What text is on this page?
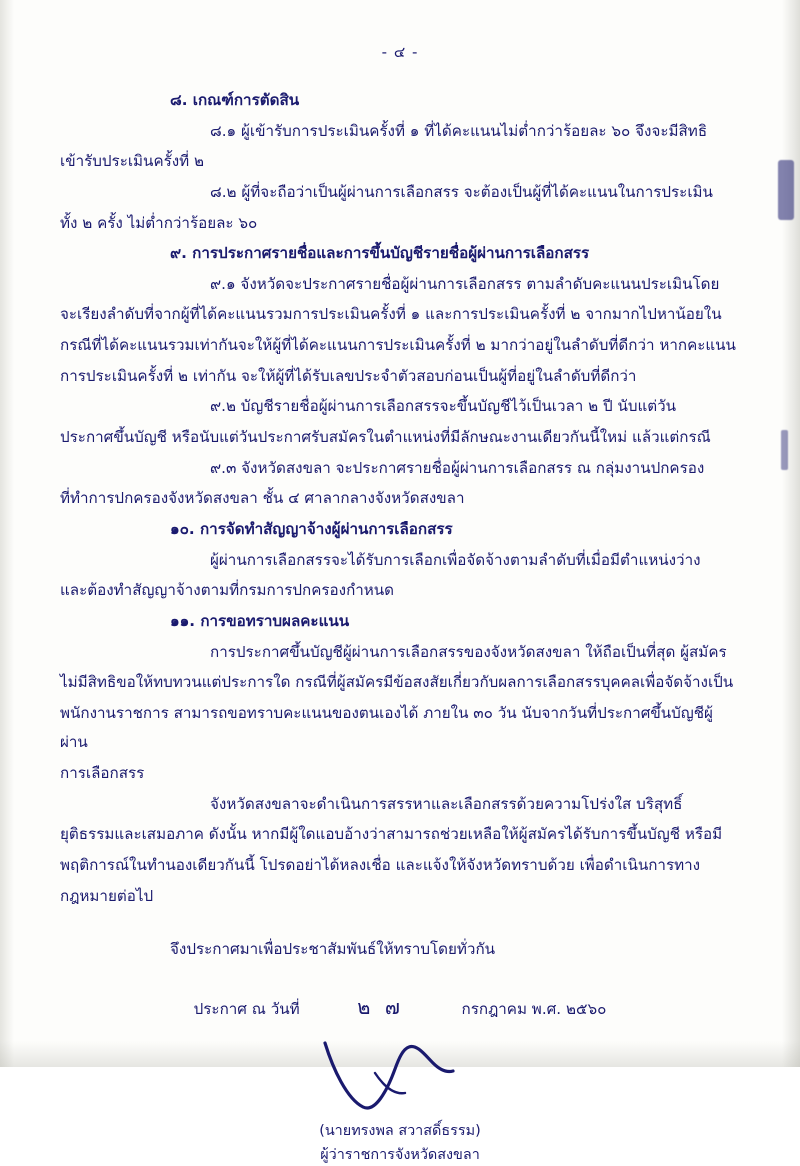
- ๔ -

๘. เกณฑ์การตัดสิน

๘.๑ ผู้เข้ารับการประเมินครั้งที่ ๑ ที่ได้คะแนนไม่ต่ำกว่าร้อยละ ๖๐ จึงจะมีสิทธิ

เข้ารับประเมินครั้งที่ ๒

๘.๒ ผู้ที่จะถือว่าเป็นผู้ผ่านการเลือกสรร จะต้องเป็นผู้ที่ได้คะแนนในการประเมิน

ทั้ง ๒ ครั้ง ไม่ต่ำกว่าร้อยละ ๖๐

๙. การประกาศรายชื่อและการขึ้นบัญชีรายชื่อผู้ผ่านการเลือกสรร

๙.๑ จังหวัดจะประกาศรายชื่อผู้ผ่านการเลือกสรร ตามลำดับคะแนนประเมินโดย

จะเรียงลำดับที่จากผู้ที่ได้คะแนนรวมการประเมินครั้งที่ ๑ และการประเมินครั้งที่ ๒ จากมากไปหาน้อยใน

กรณีที่ได้คะแนนรวมเท่ากันจะให้ผู้ที่ได้คะแนนการประเมินครั้งที่ ๒ มากว่าอยู่ในลำดับที่ดีกว่า หากคะแนน

การประเมินครั้งที่ ๒ เท่ากัน จะให้ผู้ที่ได้รับเลขประจำตัวสอบก่อนเป็นผู้ที่อยู่ในลำดับที่ดีกว่า

๙.๒ บัญชีรายชื่อผู้ผ่านการเลือกสรรจะขึ้นบัญชีไว้เป็นเวลา ๒ ปี นับแต่วัน

ประกาศขึ้นบัญชี หรือนับแต่วันประกาศรับสมัครในตำแหน่งที่มีลักษณะงานเดียวกันนี้ใหม่ แล้วแต่กรณี

๙.๓ จังหวัดสงขลา จะประกาศรายชื่อผู้ผ่านการเลือกสรร ณ กลุ่มงานปกครอง

ที่ทำการปกครองจังหวัดสงขลา ชั้น ๔ ศาลากลางจังหวัดสงขลา

๑๐. การจัดทำสัญญาจ้างผู้ผ่านการเลือกสรร

ผู้ผ่านการเลือกสรรจะได้รับการเลือกเพื่อจัดจ้างตามลำดับที่เมื่อมีตำแหน่งว่าง

และต้องทำสัญญาจ้างตามที่กรมการปกครองกำหนด

๑๑. การขอทราบผลคะแนน

การประกาศขึ้นบัญชีผู้ผ่านการเลือกสรรของจังหวัดสงขลา ให้ถือเป็นที่สุด ผู้สมัคร

ไม่มีสิทธิขอให้ทบทวนแต่ประการใด กรณีที่ผู้สมัครมีข้อสงสัยเกี่ยวกับผลการเลือกสรรบุคคลเพื่อจัดจ้างเป็น

พนักงานราชการ สามารถขอทราบคะแนนของตนเองได้ ภายใน ๓๐ วัน นับจากวันที่ประกาศขึ้นบัญชีผู้ผ่าน

การเลือกสรร

จังหวัดสงขลาจะดำเนินการสรรหาและเลือกสรรด้วยความโปร่งใส บริสุทธิ์

ยุติธรรมและเสมอภาค ดังนั้น หากมีผู้ใดแอบอ้างว่าสามารถช่วยเหลือให้ผู้สมัครได้รับการขึ้นบัญชี หรือมี

พฤติการณ์ในทำนองเดียวกันนี้ โปรดอย่าได้หลงเชื่อ และแจ้งให้จังหวัดทราบด้วย เพื่อดำเนินการทาง

กฎหมายต่อไป

จึงประกาศมาเพื่อประชาสัมพันธ์ให้ทราบโดยทั่วกัน

ประกาศ ณ วันที่	๒ ๗	กรกฎาคม พ.ศ. ๒๕๖๐
(นายทรงพล สวาสดิ์ธรรม)
ผู้ว่าราชการจังหวัดสงขลา
